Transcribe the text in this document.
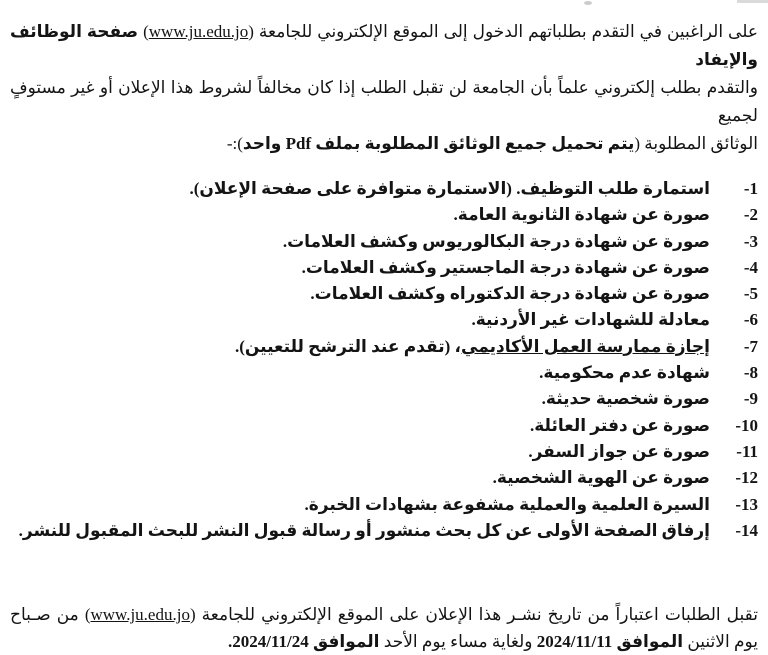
على الراغبين في التقدم بطلباتهم الدخول إلى الموقع الإلكتروني للجامعة (www.ju.edu.jo) صفحة الوظائف والإيفاد
والتقدم بطلب إلكتروني علماً بأن الجامعة لن تقبل الطلب إذا كان مخالفاً لشروط هذا الإعلان أو غير مستوفٍ لجميع
الوثائق المطلوبة (يتم تحميل جميع الوثائق المطلوبة بملف Pdf واحد):-
1-
استمارة طلب التوظيف. (الاستمارة متوافرة على صفحة الإعلان).
2-
صورة عن شهادة الثانوية العامة.
3-
صورة عن شهادة درجة البكالوريوس وكشف العلامات.
4-
صورة عن شهادة درجة الماجستير وكشف العلامات.
5-
صورة عن شهادة درجة الدكتوراه وكشف العلامات.
6-
معادلة للشهادات غير الأردنية.
7-
إجازة ممارسة العمل الأكاديمي
، (تقدم عند الترشح للتعيين).
8-
شهادة عدم محكومية.
9-
صورة شخصية حديثة.
10-
صورة عن دفتر العائلة.
11-
صورة عن جواز السفر.
12-
صورة عن الهوية الشخصية.
13-
السيرة العلمية والعملية مشفوعة بشهادات الخبرة.
14-
إرفاق الصفحة الأولى عن كل بحث منشور أو رسالة قبول النشر للبحث المقبول للنشر.
تقبل الطلبات اعتباراً من تاريخ نشـر هذا الإعلان على الموقع الإلكتروني للجامعة (www.ju.edu.jo) من صـباح
يوم الاثنين الموافق 2024/11/11 ولغاية مساء يوم الأحد الموافق 2024/11/24.
